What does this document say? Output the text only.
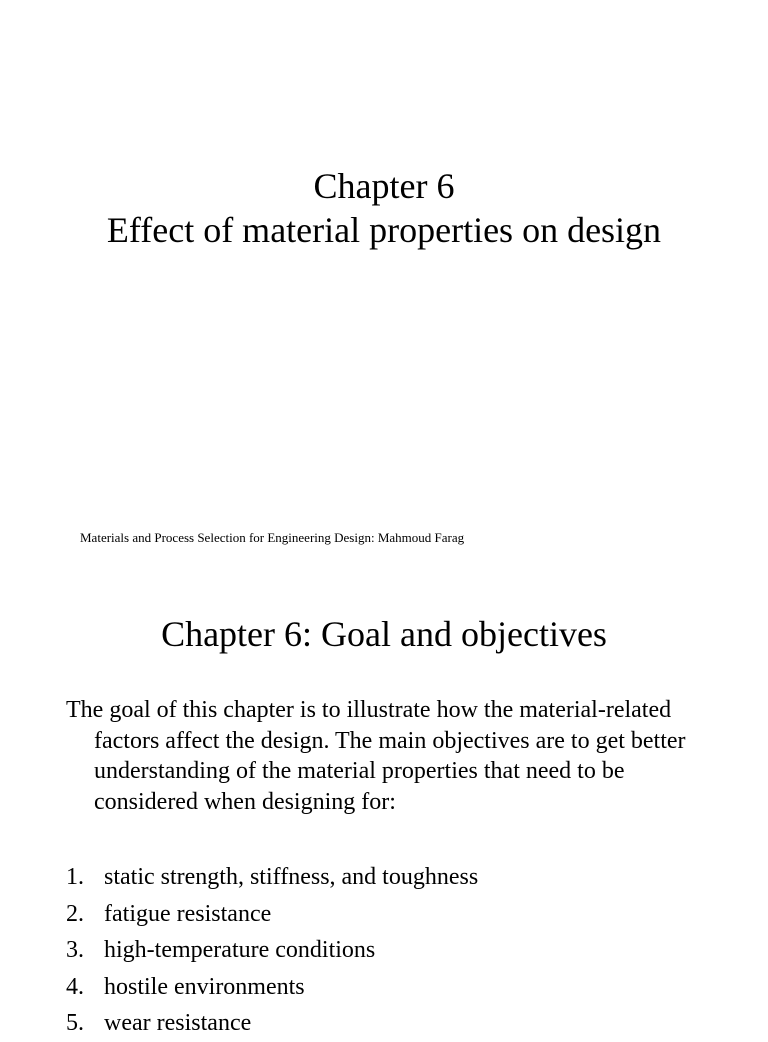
Chapter 6
Effect of material properties on design
Materials and Process Selection for Engineering Design: Mahmoud Farag
Chapter 6: Goal and objectives
The goal of this chapter is to illustrate how the material-related factors affect the design. The main objectives are to get better understanding of the material properties that need to be considered when designing for:
1. static strength, stiffness, and toughness
2. fatigue resistance
3. high-temperature conditions
4. hostile environments
5. wear resistance
